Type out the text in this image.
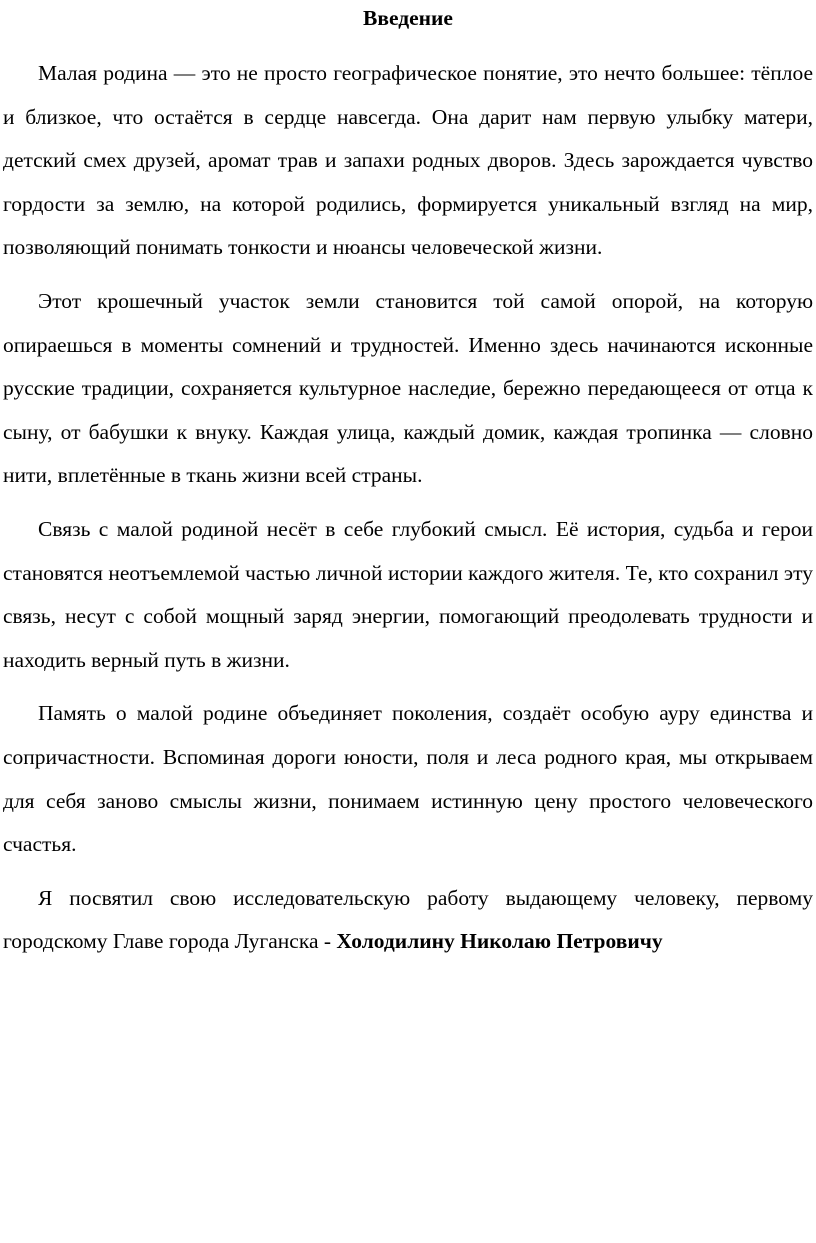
Введение

Малая родина — это не просто географическое понятие, это нечто большее: тёплое и близкое, что остаётся в сердце навсегда. Она дарит нам первую улыбку матери, детский смех друзей, аромат трав и запахи родных дворов. Здесь зарождается чувство гордости за землю, на которой родились, формируется уникальный взгляд на мир, позволяющий понимать тонкости и нюансы человеческой жизни.

Этот крошечный участок земли становится той самой опорой, на которую опираешься в моменты сомнений и трудностей. Именно здесь начинаются исконные русские традиции, сохраняется культурное наследие, бережно передающееся от отца к сыну, от бабушки к внуку. Каждая улица, каждый домик, каждая тропинка — словно нити, вплетённые в ткань жизни всей страны.

Связь с малой родиной несёт в себе глубокий смысл. Её история, судьба и герои становятся неотъемлемой частью личной истории каждого жителя. Те, кто сохранил эту связь, несут с собой мощный заряд энергии, помогающий преодолевать трудности и находить верный путь в жизни.

Память о малой родине объединяет поколения, создаёт особую ауру единства и сопричастности. Вспоминая дороги юности, поля и леса родного края, мы открываем для себя заново смыслы жизни, понимаем истинную цену простого человеческого счастья.

Я посвятил свою исследовательскую работу выдающему человеку, первому городскому Главе города Луганска - Холодилину Николаю Петровичу
